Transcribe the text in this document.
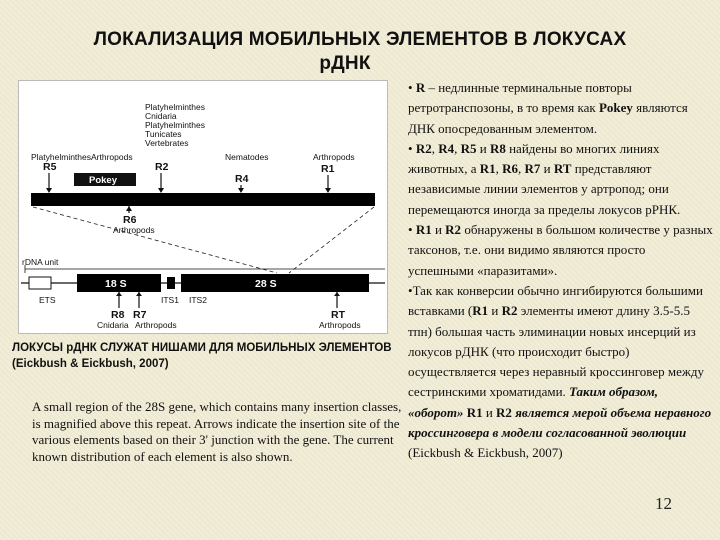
ЛОКАЛИЗАЦИЯ МОБИЛЬНЫХ ЭЛЕМЕНТОВ В ЛОКУСАХ

рДНК
Platyhelminthes
Cnidaria
Platyhelminthes
Tunicates
Vertebrates
Platyhelminthes
R5
Arthropods
R2
Nematodes
R4
Arthropods
R1
Pokey
R6
Arthropods
rDNA unit
18 S	28 S
ETS	ITS1 ITS2
R8 R7
Cnidaria Arthropods
RT
Arthropods
ЛОКУСЫ рДНК СЛУЖАТ НИШАМИ ДЛЯ МОБИЛЬНЫХ ЭЛЕМЕНТОВ (Eickbush & Eickbush, 2007)
A small region of the 28S gene, which contains many insertion classes, is magnified above this repeat. Arrows indicate the insertion site of the various elements based on their 3' junction with the gene. The current known distribution of each element is also shown.
• R – недлинные терминальные повторы ретротранспозоны, в то время как Pokey являются ДНК опосредованным элементом.
• R2, R4, R5 и R8 найдены во многих линиях животных, а R1, R6, R7 и RT представляют независимые линии элементов у артропод; они перемещаются иногда за пределы локусов рРНК.
• R1 и R2 обнаружены в большом количестве у разных таксонов, т.е. они видимо являются просто успешными «паразитами».
•Так как конверсии обычно ингибируются большими вставками (R1 и R2 элементы имеют длину 3.5-5.5 тпн) большая часть элиминации новых инсерций из локусов рДНК (что происходит быстро) осуществляется через неравный кроссинговер между сестринскими хроматидами. Таким образом, «оборот» R1 и R2 является мерой объема неравного кроссинговера в модели согласованной эволюции (Eickbush & Eickbush, 2007)
12
